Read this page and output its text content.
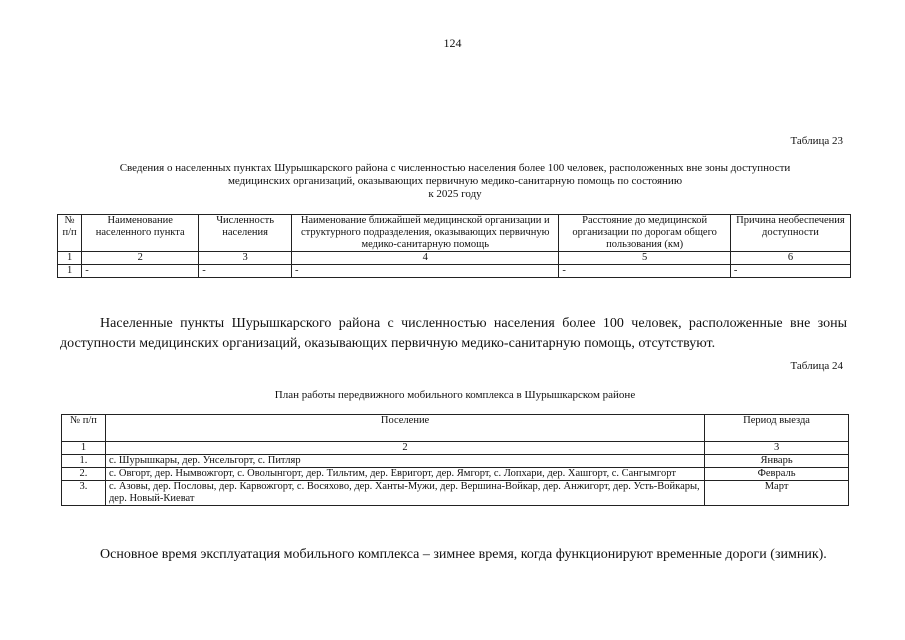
124
Таблица 23
Сведения о населенных пунктах Шурышкарского района с численностью населения более 100 человек, расположенных вне зоны доступности
медицинских организаций, оказывающих первичную медико-санитарную помощь по состоянию
к 2025 году
№ п/п	Наименование населенного пункта	Численность населения	Наименование ближайшей медицинской организации и структурного подразделения, оказывающих первичную медико-санитарную помощь	Расстояние до медицинской организации по дорогам общего пользования (км)	Причина необеспечения доступности
1	2	3	4	5	6
1	-	-	-	-	-
Населенные пункты Шурышкарского района с численностью населения более 100 человек, расположенные вне зоны доступности медицинских организаций, оказывающих первичную медико-санитарную помощь, отсутствуют.
Таблица 24
План работы передвижного мобильного комплекса в Шурышкарском районе
№ п/п	Поселение	Период выезда
1	2	3
1.	с. Шурышкары, дер. Унсельгорт, с. Питляр	Январь
2.	с. Овгорт, дер. Нымвожгорт, с. Оволынгорт, дер. Тильтим, дер. Евригорт, дер. Ямгорт, с. Лопхари, дер. Хашгорт, с. Сангымгорт	Февраль
3.	с. Азовы, дер. Пословы, дер. Карвожгорт, с. Восяхово, дер. Ханты-Мужи, дер. Вершина-Войкар, дер. Анжигорт, дер. Усть-Войкары, дер. Новый-Киеват	Март
Основное время эксплуатация мобильного комплекса – зимнее время, когда функционируют временные дороги (зимник).
